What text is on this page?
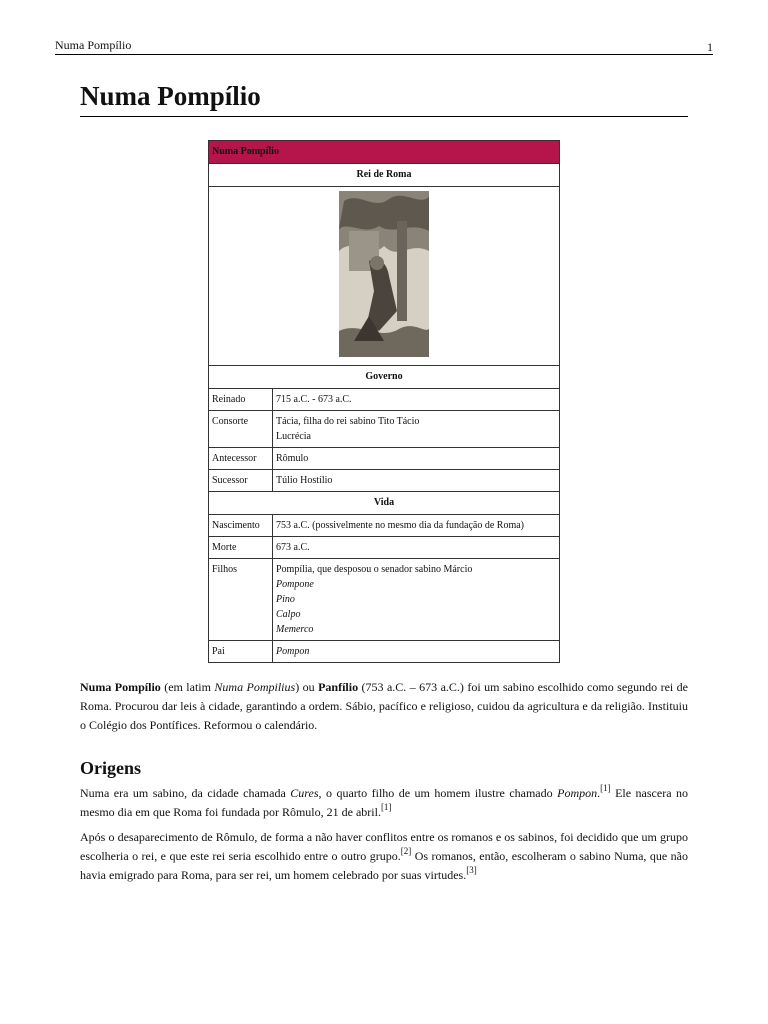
Numa Pompílio	1
Numa Pompílio
Numa Pompílio	
Rei de Roma	

Governo	
Reinado	715 a.C. - 673 a.C.
Consorte	Tácia, filha do rei sabino Tito Tácio
Lucrécia

Antecessor	Rômulo
Sucessor	Túlio Hostílio
Vida	
Nascimento	753 a.C. (possivelmente no mesmo dia da fundação de Roma)
Morte	673 a.C.
Filhos	Pompília, que desposou o senador sabino Márcio
Pompone
Pino
Calpo
Memerco

Pai	Pompon

Numa Pompílio (em latim Numa Pompilius) ou Panfílio (753 a.C. – 673 a.C.) foi um sabino escolhido como segundo rei de Roma. Procurou dar leis à cidade, garantindo a ordem. Sábio, pacífico e religioso, cuidou da agricultura e da religião. Instituiu o Colégio dos Pontífices. Reformou o calendário.

Origens

Numa era um sabino, da cidade chamada Cures, o quarto filho de um homem ilustre chamado Pompon.[1] Ele nascera no mesmo dia em que Roma foi fundada por Rômulo, 21 de abril.[1]

Após o desaparecimento de Rômulo, de forma a não haver conflitos entre os romanos e os sabinos, foi decidido que um grupo escolheria o rei, e que este rei seria escolhido entre o outro grupo.[2] Os romanos, então, escolheram o sabino Numa, que não havia emigrado para Roma, para ser rei, um homem celebrado por suas virtudes.[3]
